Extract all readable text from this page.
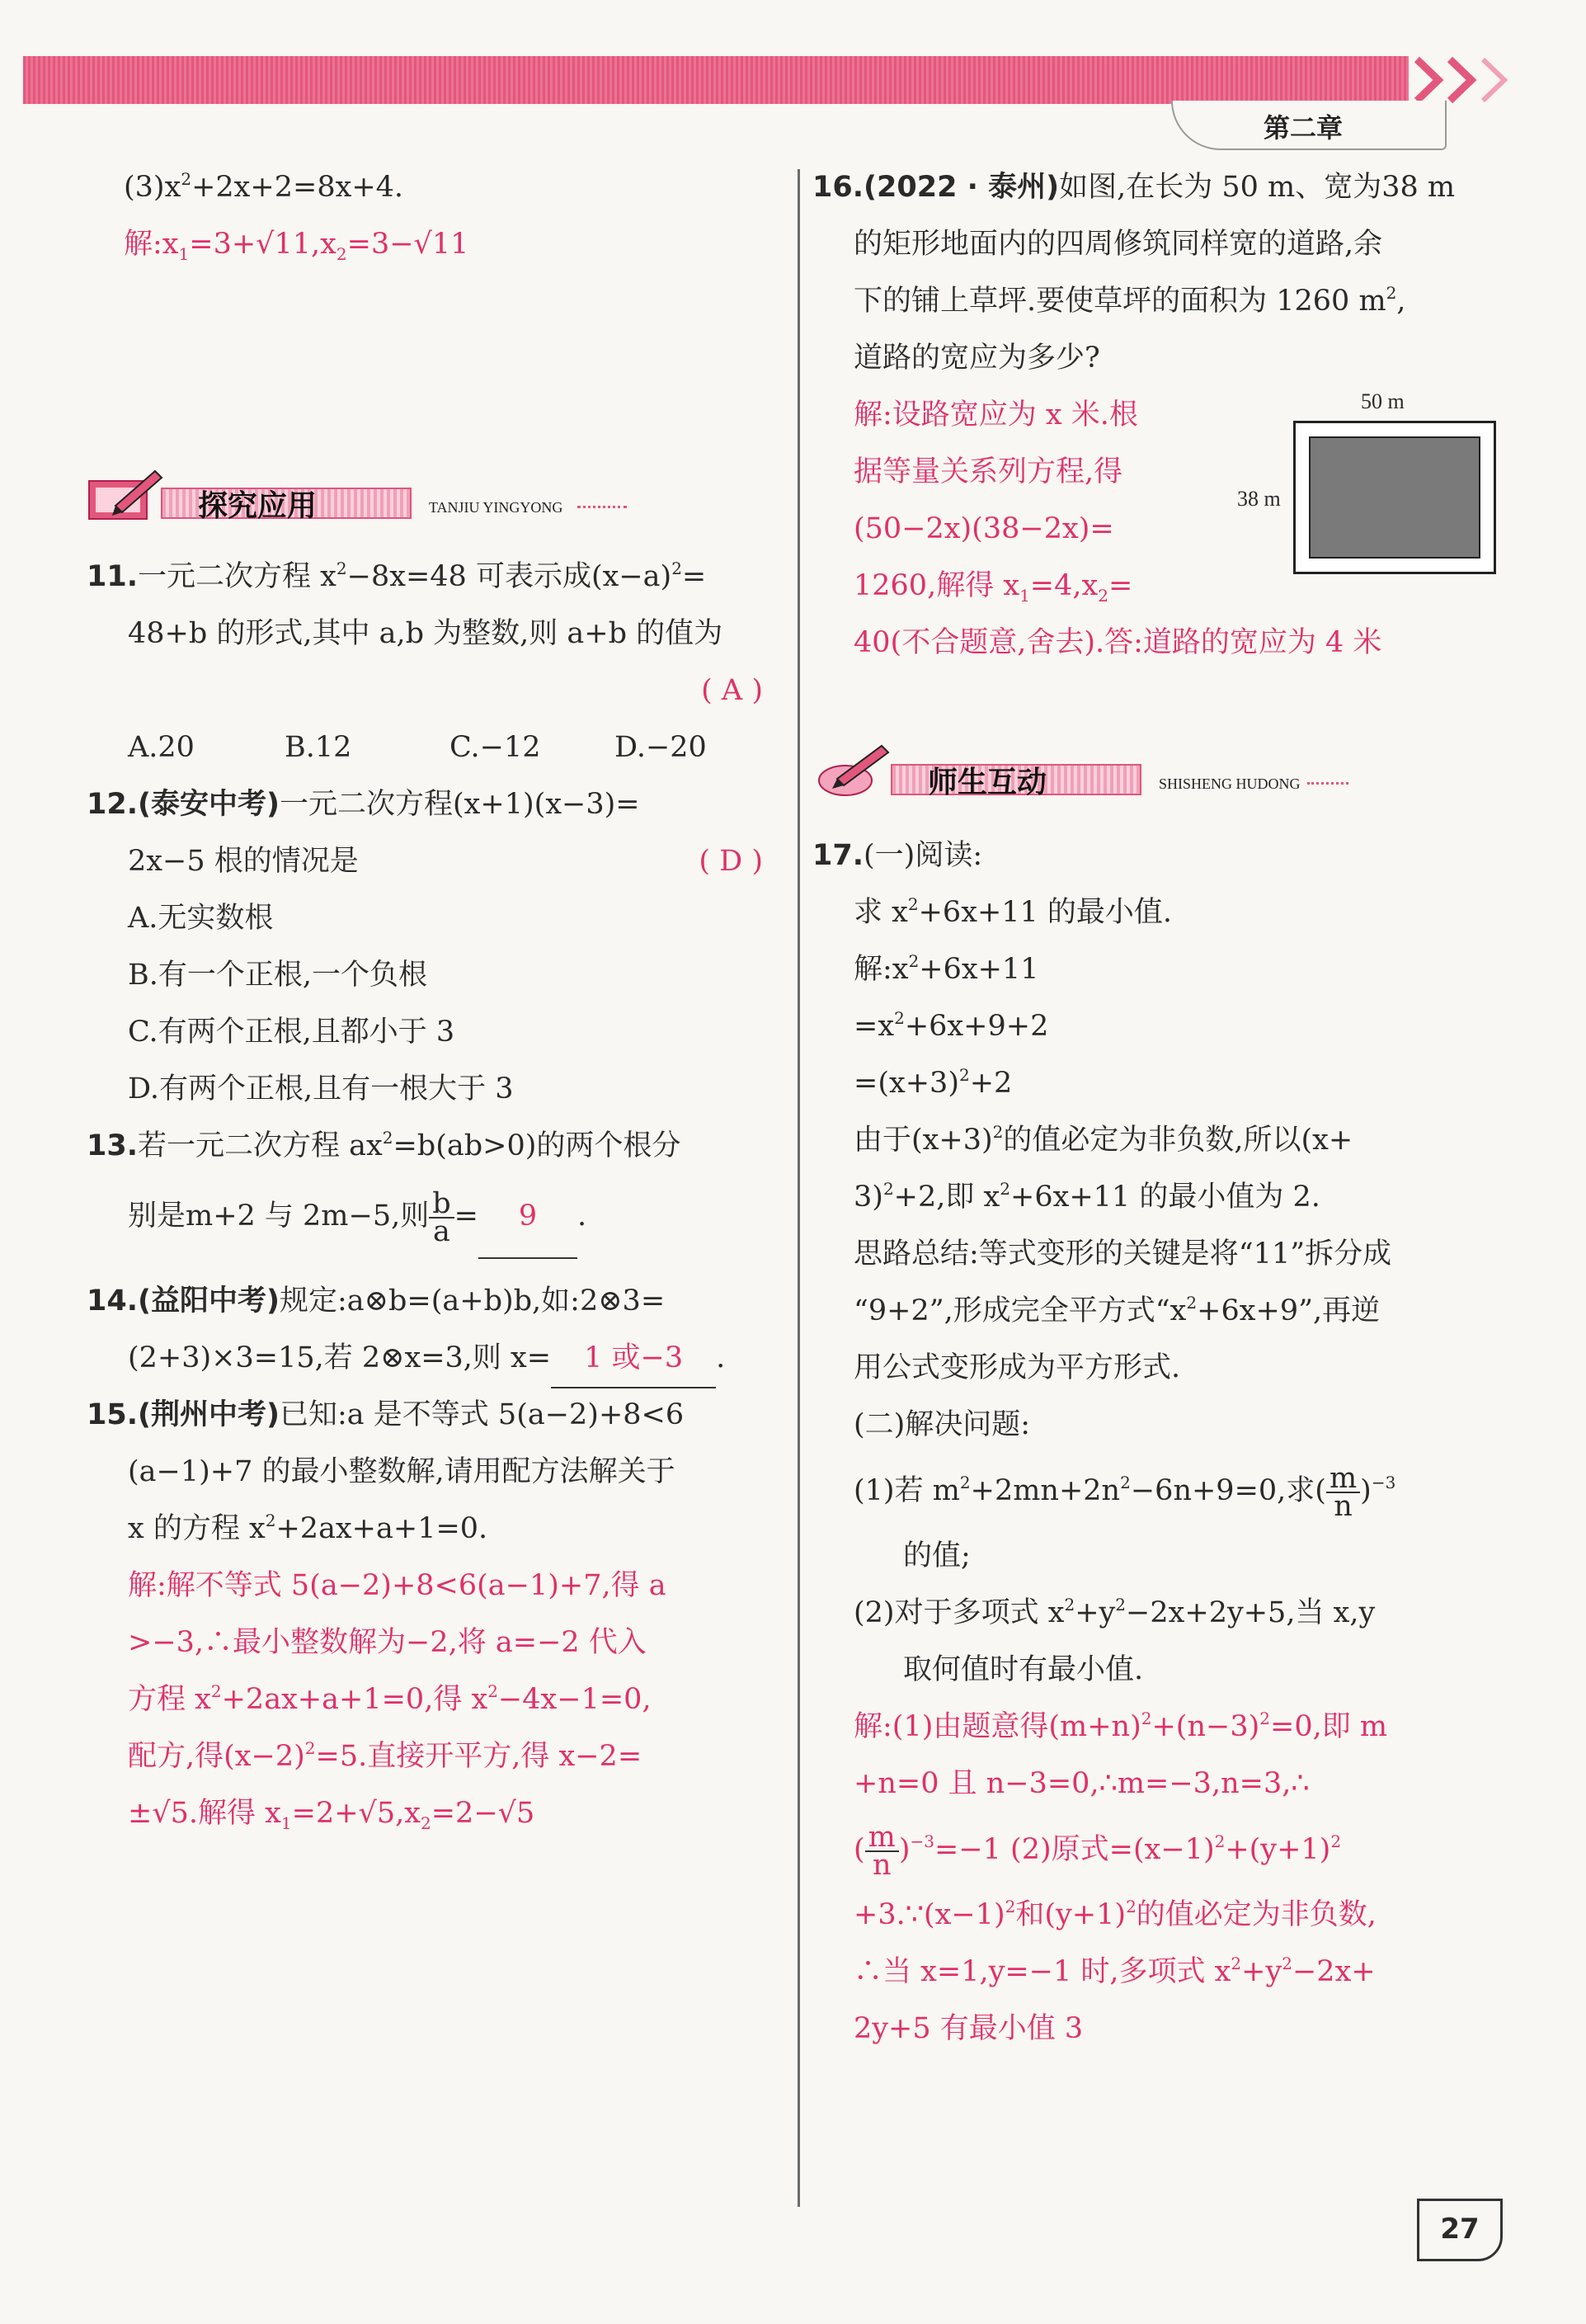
第二章
$(3)x^2+2x+2=8x+4$.
解$:x_1=3+√11,x_2=3-√11$
探究应用	TANJIU YINGYONG
11.一元二次方程 $x^2-8x=48$ 可表示成$(x-a)^2=$
48+b 的形式,其中 a,b 为整数,则 a+b 的值为
( A )
A.20	B.12	C.−12	D.−20
12.(泰安中考)一元二次方程(x+1)(x−3)=
2x−5 根的情况是	( D )
A.无实数根
B.有一个正根,一个负根
C.有两个正根,且都小于 3
D.有两个正根,且有一根大于 3
13.若一元二次方程 $ax^2=b(ab>0)$的两个根分
别是m+2 与 2m−5,则 $\frac{b}{a} = 9$ .
14.(益阳中考)规定:a⊗b=(a+b)b,如:2⊗3=
(2+3)×3=15,若 2⊗x=3,则 x= 1 或−3 .
15.(荆州中考)已知:a 是不等式 5(a−2)+8<6
(a−1)+7 的最小整数解,请用配方法解关于
x 的方程 $x^2+2ax+a+1=0$.
解:解不等式 5(a−2)+8<6(a−1)+7,得 a
>−3,∴最小整数解为−2,将 a=−2 代入
方程 $x^2+2ax+a+1=0$,得 $x^2-4x-1=0$,
配方,得$(x-2)^2=5$.直接开平方,得 x−2=
±√5.解得 $x_1=2+√5,x_2=2-√5$
16.(2022 · 泰州)如图,在长为 50 m、宽为38 m
的矩形地面内的四周修筑同样宽的道路,余
下的铺上草坪.要使草坪的面积为 1260 $m^2$,
道路的宽应为多少?
解:设路宽应为 x 米.根
据等量关系列方程,得
(50−2x)(38−2x)=
1260,解得 $x_1=4,x_2=$
40(不合题意,舍去).答:道路的宽应为 4 米
50 m
38 m
师生互动	SHISHENG HUDONG
17.(一)阅读:
求 $x^2+6x+11$ 的最小值.
解$:x^2+6x+11$
$=x^2+6x+9+2$
$=(x+3)^2+2$
由于$(x+3)^2$的值必定为非负数,所以(x+
3)$^2$+2,即 $x^2+6x+11$ 的最小值为 2.
思路总结:等式变形的关键是将“11”拆分成
“9+2”,形成完全平方式“$x^2+6x+9$”,再逆
用公式变形成为平方形式.
(二)解决问题:
(1)若 $m^2+2mn+2n^2-6n+9=0$,求( $\frac{m}{n} )^{-3}$
的值;
(2)对于多项式 $x^2+y^2-2x+2y+5$,当 x,y
取何值时有最小值.
解:(1)由题意得$(m+n)^2+(n-3)^2=0$,即 m
+n=0 且 n−3=0,∴m=−3,n=3,∴
( $\frac{m}{n} )^{-3}=-1$ (2)原式$=(x-1)^2+(y+1)^2$
$+3.\because(x-1)^2$和$(y+1)^2$的值必定为非负数,
∴当 x=1,y=−1 时,多项式 $x^2+y^2-2x+$
2y+5 有最小值 3
27
